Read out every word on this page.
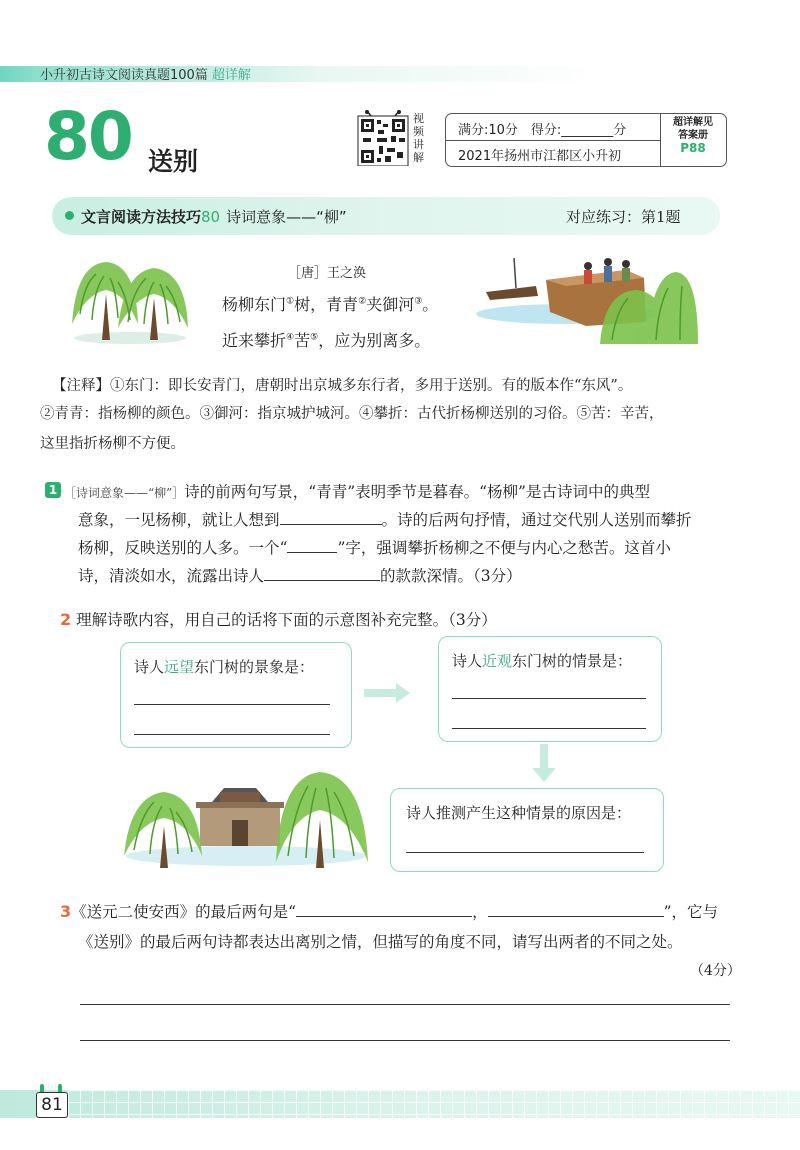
小升初古诗文阅读真题100篇 超详解
80 送别
视频讲解
满分:10分　得分:________分
2021年扬州市江都区小升初
超详解见
答案册
P88
文言阅读方法技巧80 诗词意象——“柳”	对应练习：第1题
［唐］王之涣
杨柳东门①树，青青②夹御河③。
近来攀折④苦⑤，应为别离多。
【注释】①东门：即长安青门，唐朝时出京城多东行者，多用于送别。有的版本作“东风”。
②青青：指杨柳的颜色。③御河：指京城护城河。④攀折：古代折杨柳送别的习俗。⑤苦：辛苦，
这里指折杨柳不方便。
1 ［诗词意象——“柳”］诗的前两句写景，“青青”表明季节是暮春。“杨柳”是古诗词中的典型
意象，一见杨柳，就让人想到	。诗的后两句抒情，通过交代别人送别而攀折
杨柳，反映送别的人多。一个“	”字，强调攀折杨柳之不便与内心之愁苦。这首小
诗，清淡如水，流露出诗人	的款款深情。（3分）
2 理解诗歌内容，用自己的话将下面的示意图补充完整。（3分）
诗人远望东门树的景象是：	诗人近观东门树的情景是：
诗人推测产生这种情景的原因是：
3《送元二使安西》的最后两句是“	，	”，它与
《送别》的最后两句诗都表达出离别之情，但描写的角度不同，请写出两者的不同之处。
（4分）
81
